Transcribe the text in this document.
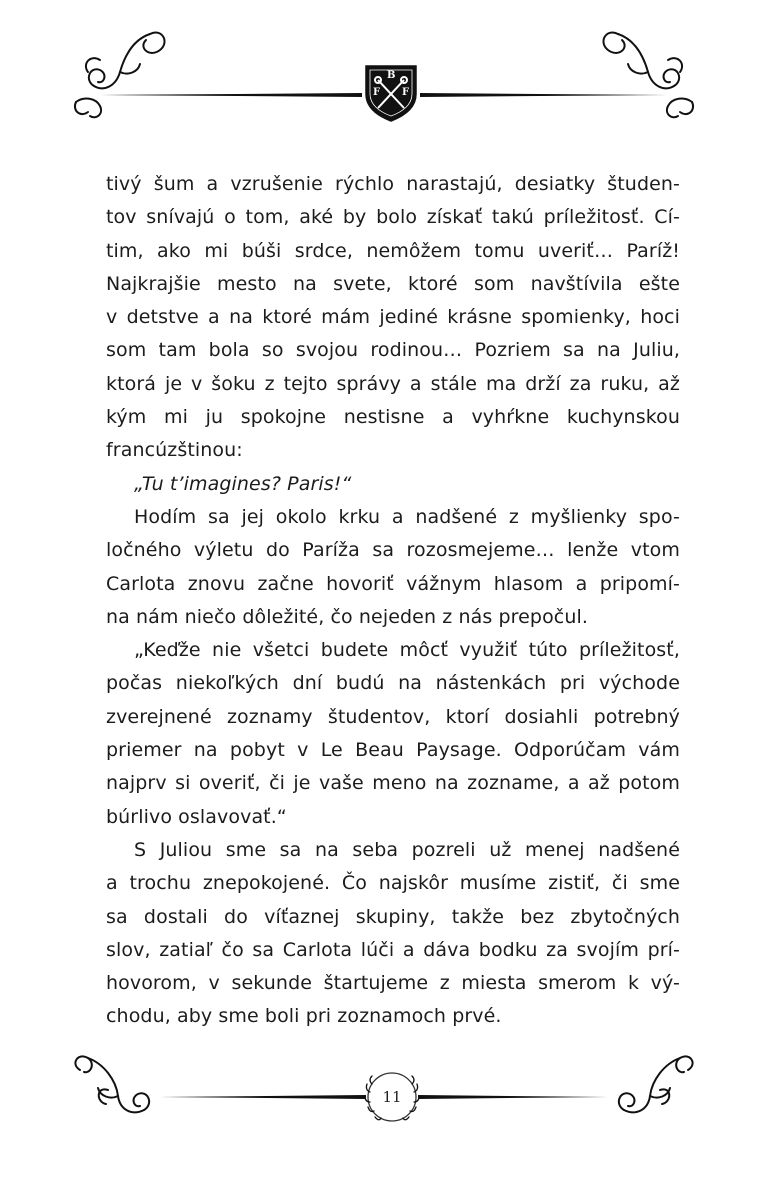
B
F F
tivý šum a vzrušenie rýchlo narastajú, desiatky študen-
tov snívajú o tom, aké by bolo získať takú príležitosť. Cí-
tim, ako mi búši srdce, nemôžem tomu uveriť… Paríž!
Najkrajšie mesto na svete, ktoré som navštívila ešte
v detstve a na ktoré mám jediné krásne spomienky, hoci
som tam bola so svojou rodinou… Pozriem sa na Juliu,
ktorá je v šoku z tejto správy a stále ma drží za ruku, až
kým mi ju spokojne nestisne a vyhŕkne kuchynskou
francúzštinou:
„Tu t’imagines? Paris!“
Hodím sa jej okolo krku a nadšené z myšlienky spo-
ločného výletu do Paríža sa rozosmejeme… lenže vtom
Carlota znovu začne hovoriť vážnym hlasom a pripomí-
na nám niečo dôležité, čo nejeden z nás prepočul.
„Keďže nie všetci budete môcť využiť túto príležitosť,
počas niekoľkých dní budú na nástenkách pri východe
zverejnené zoznamy študentov, ktorí dosiahli potrebný
priemer na pobyt v Le Beau Paysage. Odporúčam vám
najprv si overiť, či je vaše meno na zozname, a až potom
búrlivo oslavovať.“
S Juliou sme sa na seba pozreli už menej nadšené
a trochu znepokojené. Čo najskôr musíme zistiť, či sme
sa dostali do víťaznej skupiny, takže bez zbytočných
slov, zatiaľ čo sa Carlota lúči a dáva bodku za svojím prí-
hovorom, v sekunde štartujeme z miesta smerom k vý-
chodu, aby sme boli pri zoznamoch prvé.
11
